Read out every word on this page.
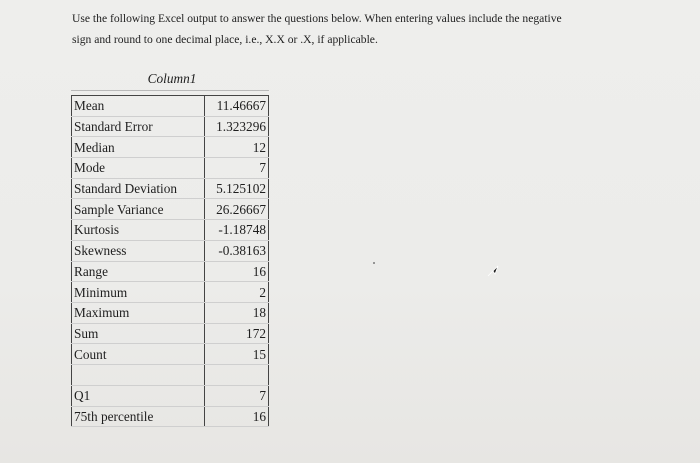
Use the following Excel output to answer the questions below. When entering values include the negative
sign and round to one decimal place, i.e., X.X or .X, if applicable.
Column1
Mean	11.46667
Standard Error	1.323296
Median	12
Mode	7
Standard Deviation	5.125102
Sample Variance	26.26667
Kurtosis	-1.18748
Skewness	-0.38163
Range	16
Minimum	2
Maximum	18
Sum	172
Count	15

Q1	7
75th percentile	16
